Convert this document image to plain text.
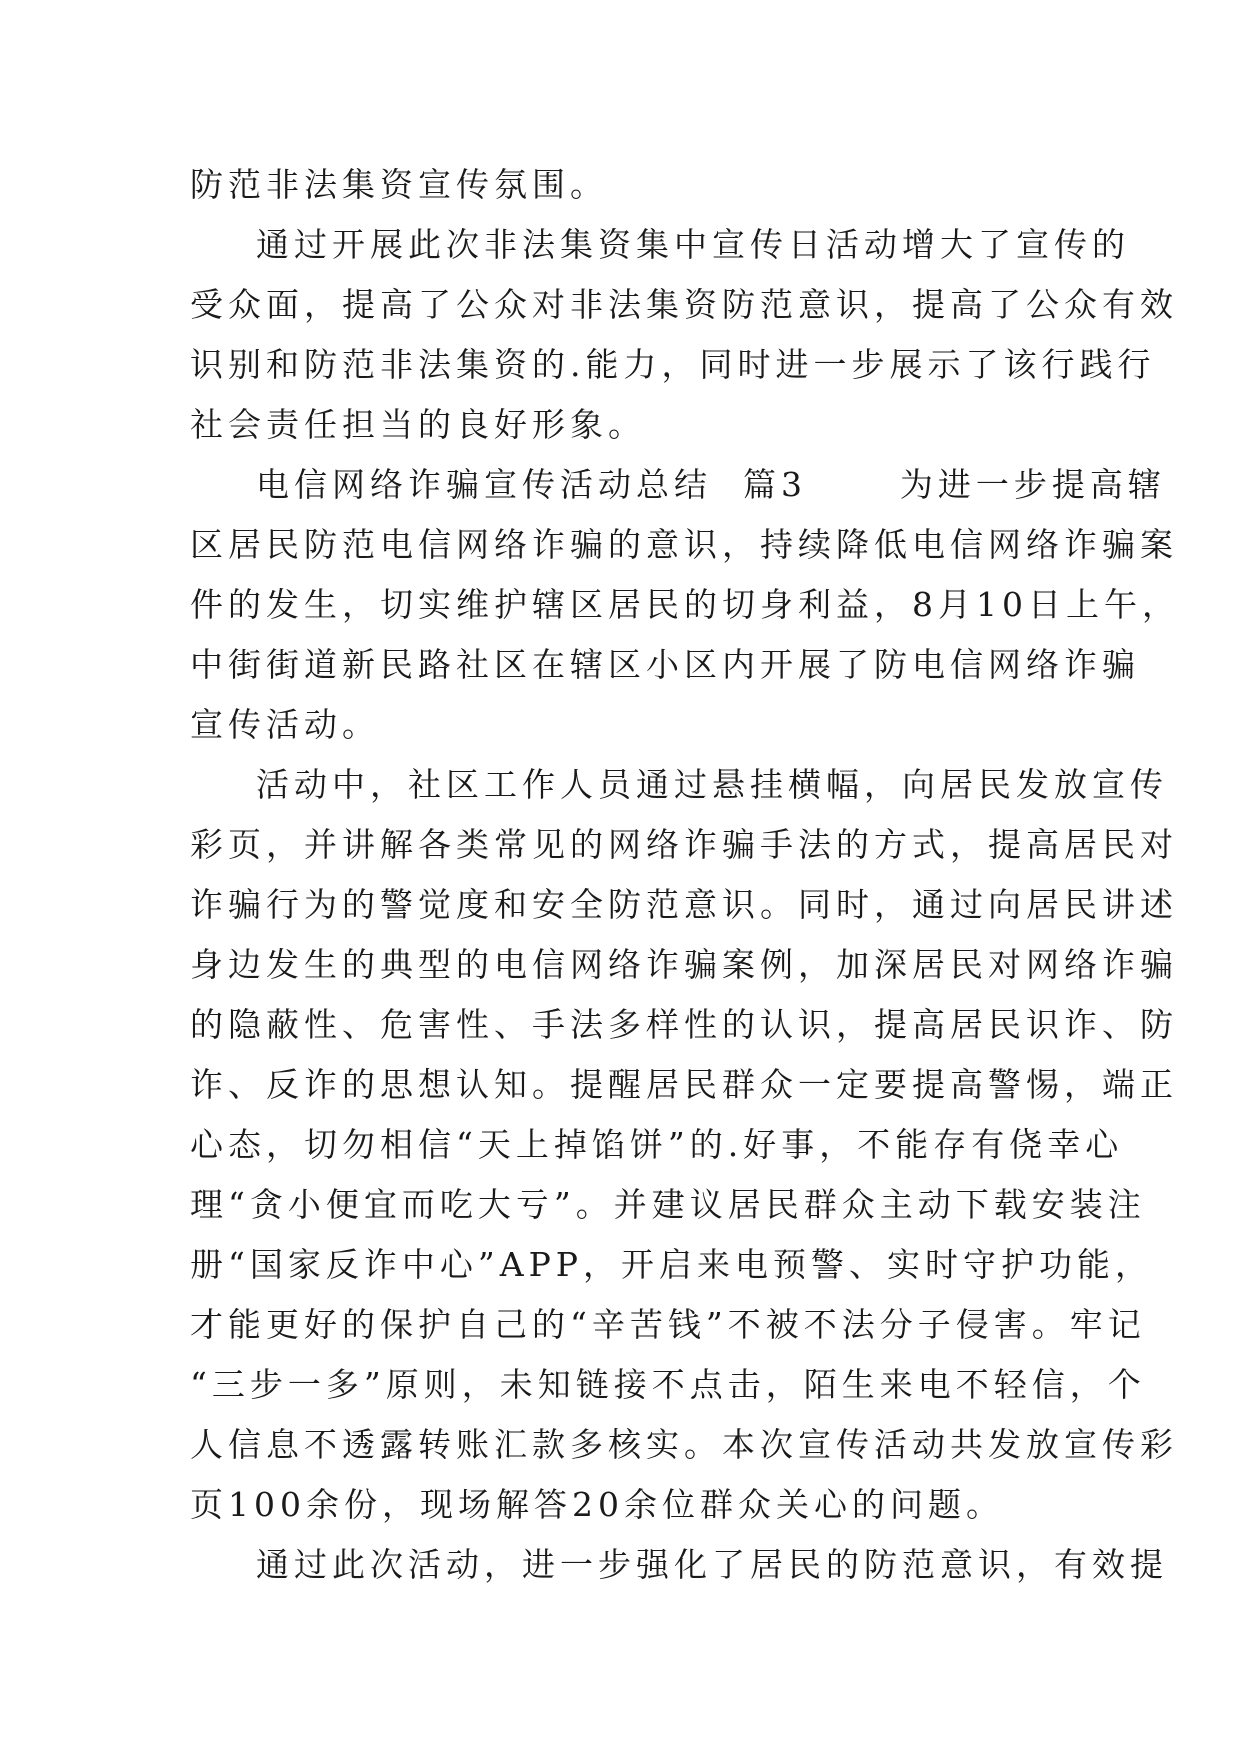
防范非法集资宣传氛围。
通过开展此次非法集资集中宣传日活动增大了宣传的
受众面，提高了公众对非法集资防范意识，提高了公众有效
识别和防范非法集资的.能力，同时进一步展示了该行践行
社会责任担当的良好形象。
电信网络诈骗宣传活动总结  篇3      为进一步提高辖
区居民防范电信网络诈骗的意识，持续降低电信网络诈骗案
件的发生，切实维护辖区居民的切身利益，8月10日上午，
中街街道新民路社区在辖区小区内开展了防电信网络诈骗
宣传活动。
活动中，社区工作人员通过悬挂横幅，向居民发放宣传
彩页，并讲解各类常见的网络诈骗手法的方式，提高居民对
诈骗行为的警觉度和安全防范意识。同时，通过向居民讲述
身边发生的典型的电信网络诈骗案例，加深居民对网络诈骗
的隐蔽性、危害性、手法多样性的认识，提高居民识诈、防
诈、反诈的思想认知。提醒居民群众一定要提高警惕，端正
心态，切勿相信“天上掉馅饼”的.好事，不能存有侥幸心
理“贪小便宜而吃大亏”。并建议居民群众主动下载安装注
册“国家反诈中心”APP，开启来电预警、实时守护功能，
才能更好的保护自己的“辛苦钱”不被不法分子侵害。牢记
“三步一多”原则，未知链接不点击，陌生来电不轻信，个
人信息不透露转账汇款多核实。本次宣传活动共发放宣传彩
页100余份，现场解答20余位群众关心的问题。
通过此次活动，进一步强化了居民的防范意识，有效提
